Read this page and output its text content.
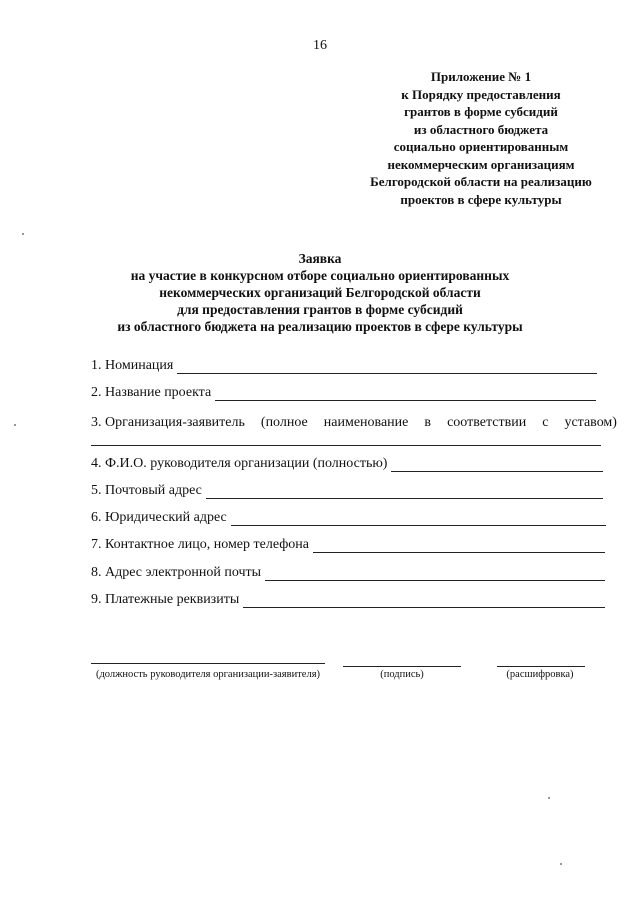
16
Приложение № 1
к Порядку предоставления
грантов в форме субсидий
из областного бюджета
социально ориентированным
некоммерческим организациям
Белгородской области на реализацию
проектов в сфере культуры
Заявка
на участие в конкурсном отборе социально ориентированных
некоммерческих организаций Белгородской области
для предоставления грантов в форме субсидий
из областного бюджета на реализацию проектов в сфере культуры
1. Номинация
2. Название проекта
3. Организация-заявитель (полное наименование в соответствии с уставом)
4. Ф.И.О. руководителя организации (полностью)
5. Почтовый адрес
6. Юридический адрес
7. Контактное лицо, номер телефона
8. Адрес электронной почты
9. Платежные реквизиты
(должность руководителя организации-заявителя)	(подпись)	(расшифровка)
